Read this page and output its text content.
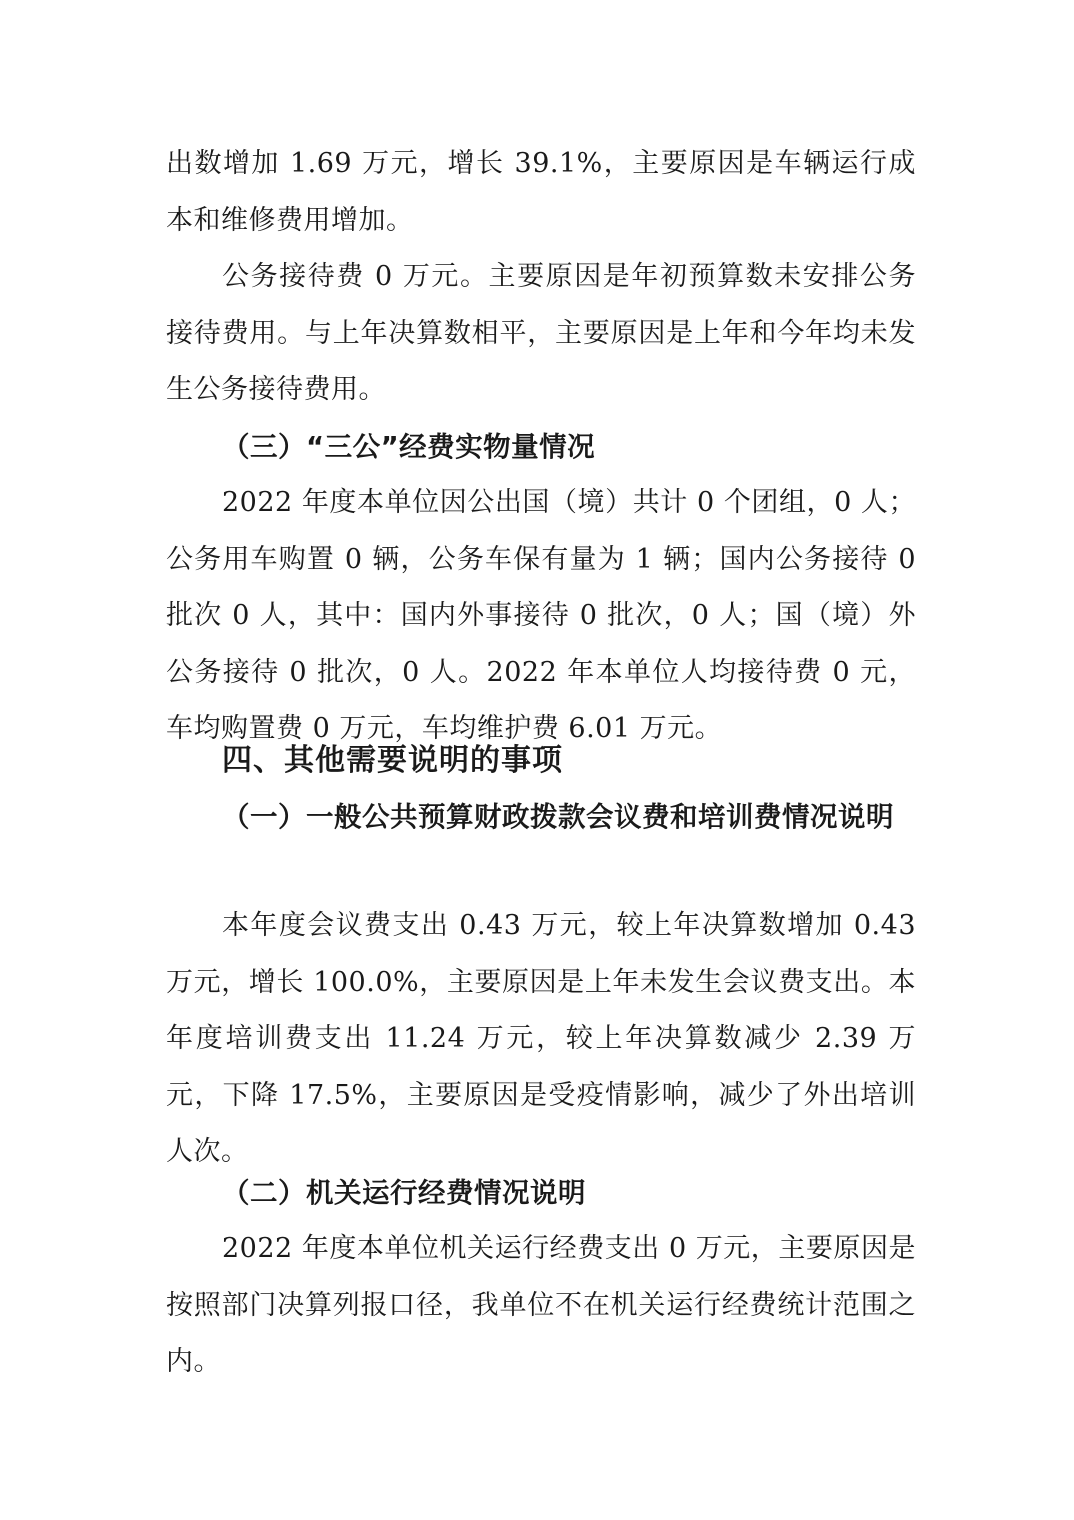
出数增加 1.69 万元，增长 39.1%，主要原因是车辆运行成本和维修费用增加。

公务接待费 0 万元。主要原因是年初预算数未安排公务接待费用。与上年决算数相平，主要原因是上年和今年均未发生公务接待费用。

（三）“三公”经费实物量情况

2022 年度本单位因公出国（境）共计 0 个团组，0 人；公务用车购置 0 辆，公务车保有量为 1 辆；国内公务接待 0 批次 0 人，其中：国内外事接待 0 批次，0 人；国（境）外公务接待 0 批次，0 人。2022 年本单位人均接待费 0 元，车均购置费 0 万元，车均维护费 6.01 万元。

四、其他需要说明的事项

（一）一般公共预算财政拨款会议费和培训费情况说明

本年度会议费支出 0.43 万元，较上年决算数增加 0.43 万元，增长 100.0%，主要原因是上年未发生会议费支出。本年度培训费支出 11.24 万元，较上年决算数减少 2.39 万元，下降 17.5%，主要原因是受疫情影响，减少了外出培训人次。

（二）机关运行经费情况说明

2022 年度本单位机关运行经费支出 0 万元，主要原因是按照部门决算列报口径，我单位不在机关运行经费统计范围之内。
